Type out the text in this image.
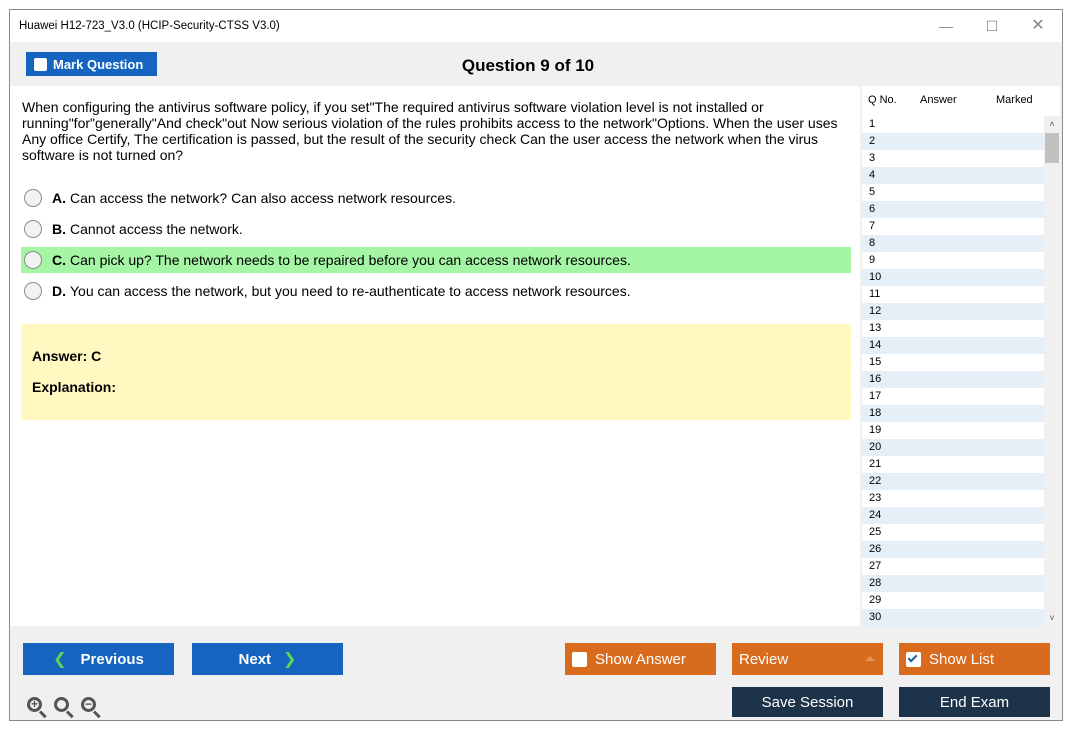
Huawei H12-723_V3.0 (HCIP-Security-CTSS V3.0)	—	☐	✕
Mark Question	Question 9 of 10
When configuring the antivirus software policy, if you set"The required antivirus software violation level is not installed or running"for"generally"And check"out Now serious violation of the rules prohibits access to the network"Options. When the user uses Any office Certify, The certification is passed, but the result of the security check Can the user access the network when the virus software is not turned on?
A. Can access the network? Can also access network resources.
B. Cannot access the network.
C. Can pick up? The network needs to be repaired before you can access network resources.
D. You can access the network, but you need to re-authenticate to access network resources.
Answer: C
Explanation:
Q No. Answer	Marked
1
2
3
4
5
6
7
8
9
10
11
12
13
14
15
16
17
18
19
20
21
22
23
24
25
26
27
28
29
30
˄
˅
❮ Previous	Next ❯	Show Answer	Review	Show List
Save Session	End Exam
+	−
